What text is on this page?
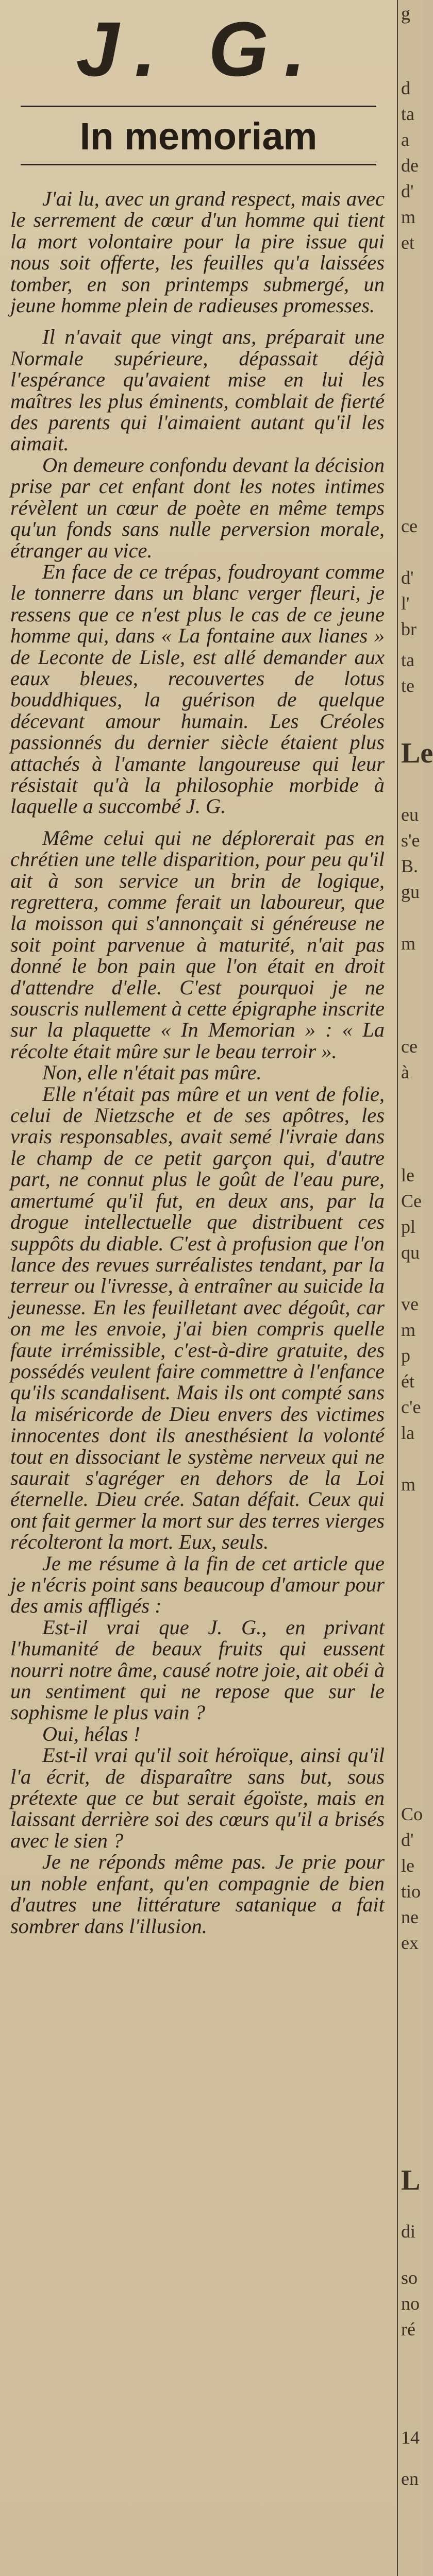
J. G.
In memoriam

J'ai lu, avec un grand respect, mais avec le serrement de cœur d'un homme qui tient la mort volontaire pour la pire issue qui nous soit offerte, les feuilles qu'a laissées tomber, en son printemps submergé, un jeune homme plein de radieuses promesses.

Il n'avait que vingt ans, préparait une Normale supérieure, dépassait déjà l'espérance qu'avaient mise en lui les maîtres les plus éminents, comblait de fierté des parents qui l'aimaient autant qu'il les aimait.

On demeure confondu devant la décision prise par cet enfant dont les notes intimes révèlent un cœur de poète en même temps qu'un fonds sans nulle perversion morale, étranger au vice.

En face de ce trépas, foudroyant comme le tonnerre dans un blanc verger fleuri, je ressens que ce n'est plus le cas de ce jeune homme qui, dans « La fontaine aux lianes » de Leconte de Lisle, est allé demander aux eaux bleues, recouvertes de lotus bouddhiques, la guérison de quelque décevant amour humain. Les Créoles passionnés du dernier siècle étaient plus attachés à l'amante langoureuse qui leur résistait qu'à la philosophie morbide à laquelle a succombé J. G.

Même celui qui ne déplorerait pas en chrétien une telle disparition, pour peu qu'il ait à son service un brin de logique, regrettera, comme ferait un laboureur, que la moisson qui s'annonçait si généreuse ne soit point parvenue à maturité, n'ait pas donné le bon pain que l'on était en droit d'attendre d'elle. C'est pourquoi je ne souscris nullement à cette épigraphe inscrite sur la plaquette « In Memorian » : « La récolte était mûre sur le beau terroir ».

Non, elle n'était pas mûre.

Elle n'était pas mûre et un vent de folie, celui de Nietzsche et de ses apôtres, les vrais responsables, avait semé l'ivraie dans le champ de ce petit garçon qui, d'autre part, ne connut plus le goût de l'eau pure, amertumé qu'il fut, en deux ans, par la drogue intellectuelle que distribuent ces suppôts du diable. C'est à profusion que l'on lance des revues surréalistes tendant, par la terreur ou l'ivresse, à entraîner au suicide la jeunesse. En les feuilletant avec dégoût, car on me les envoie, j'ai bien compris quelle faute irrémissible, c'est-à-dire gratuite, des possédés veulent faire commettre à l'enfance qu'ils scandalisent. Mais ils ont compté sans la miséricorde de Dieu envers des victimes innocentes dont ils anesthésient la volonté tout en dissociant le système nerveux qui ne saurait s'agréger en dehors de la Loi éternelle. Dieu crée. Satan défait. Ceux qui ont fait germer la mort sur des terres vierges récolteront la mort. Eux, seuls.

Je me résume à la fin de cet article que je n'écris point sans beaucoup d'amour pour des amis affligés :

Est-il vrai que J. G., en privant l'humanité de beaux fruits qui eussent nourri notre âme, causé notre joie, ait obéi à un sentiment qui ne repose que sur le sophisme le plus vain ?

Oui, hélas !

Est-il vrai qu'il soit héroïque, ainsi qu'il l'a écrit, de disparaître sans but, sous prétexte que ce but serait égoïste, mais en laissant derrière soi des cœurs qu'il a brisés avec le sien ?

Je ne réponds même pas. Je prie pour un noble enfant, qu'en compagnie de bien d'autres une littérature satanique a fait sombrer dans l'illusion.

g
d
ta
a
de
d'
m
et
ce
d'
l'
br
ta
te
Le
eu
s'e
B.
gu
m
ce
à
le
Ce
pl
qu
ve
m
p
ét
c'e
la
m
Co
d'
le
tio
ne
ex
L
di
so
no
ré
14
en
